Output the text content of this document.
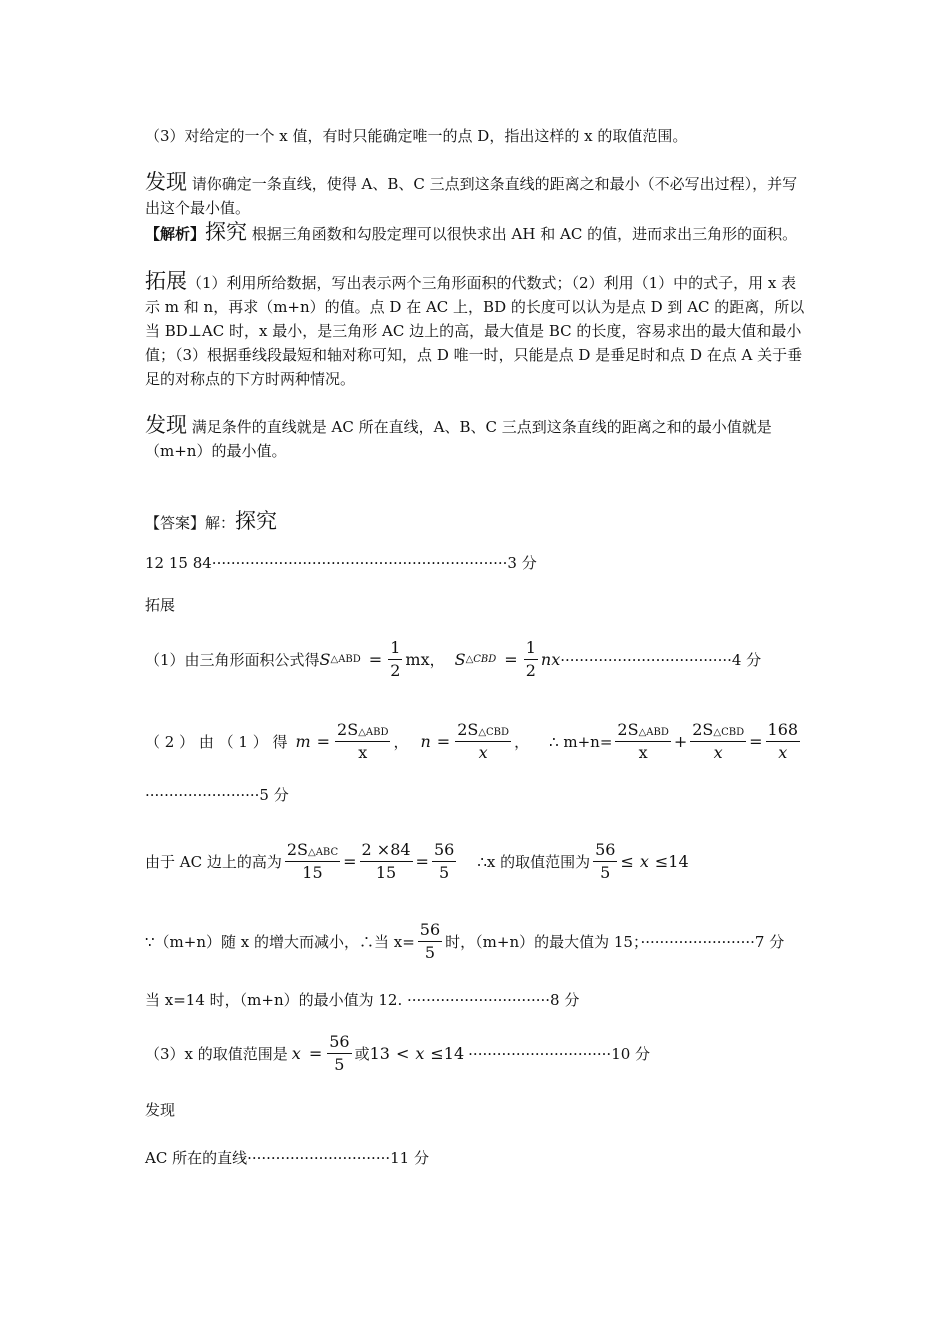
（3）对给定的一个 x 值，有时只能确定唯一的点 D，指出这样的 x 的取值范围。
发现 请你确定一条直线，使得 A、B、C 三点到这条直线的距离之和最小（不必写出过程），并写出这个最小值。
【解析】探究 根据三角函数和勾股定理可以很快求出 AH 和 AC 的值，进而求出三角形的面积。
拓展（1）利用所给数据，写出表示两个三角形面积的代数式；（2）利用（1）中的式子，用 x 表示 m 和 n，再求（m+n）的值。点 D 在 AC 上，BD 的长度可以认为是点 D 到 AC 的距离，所以当 BD⊥AC 时，x 最小，是三角形 AC 边上的高，最大值是 BC 的长度，容易求出的最大值和最小值；（3）根据垂线段最短和轴对称可知，点 D 唯一时，只能是点 D 是垂足时和点 D 在点 A 关于垂足的对称点的下方时两种情况。
发现 满足条件的直线就是 AC 所在直线，A、B、C 三点到这条直线的距离之和的最小值就是（m+n）的最小值。
【答案】解：探究
12 15 84······························································3 分
拓展
（1）由三角形面积公式得 S △ABD = $\frac{1}{2}$ mx ， S △CBD = $\frac{1}{2}$ nx ····································4 分
（ 2 ） 由 （ 1 ） 得 $m = \frac{\text{2S△ABD}}{x}$ ， $n = \frac{\text{2S△CBD}}{x}$ ， ∴ $m+n= \frac{\text{2S△ABD}}{x} + \frac{\text{2S△CBD}}{x} = \frac{168}{x}$
························5 分
由于 AC 边上的高为 $\frac{\text{2S△ABC}}{15} = \frac{2 \times 84}{15} = \frac{56}{5}$ ∴x 的取值范围为 $\frac{56}{5} \le x \le 14$
∵（m+n）随 x 的增大而减小，∴当 $x= \frac{56}{5}$ 时，（m+n）的最大值为 15；························7 分
当 x=14 时，（m+n）的最小值为 12. ······························8 分
（3）x 的取值范围是 $x = \frac{56}{5}$ 或 13 < x ≤ 14 ······························10 分
发现
AC 所在的直线······························11 分
